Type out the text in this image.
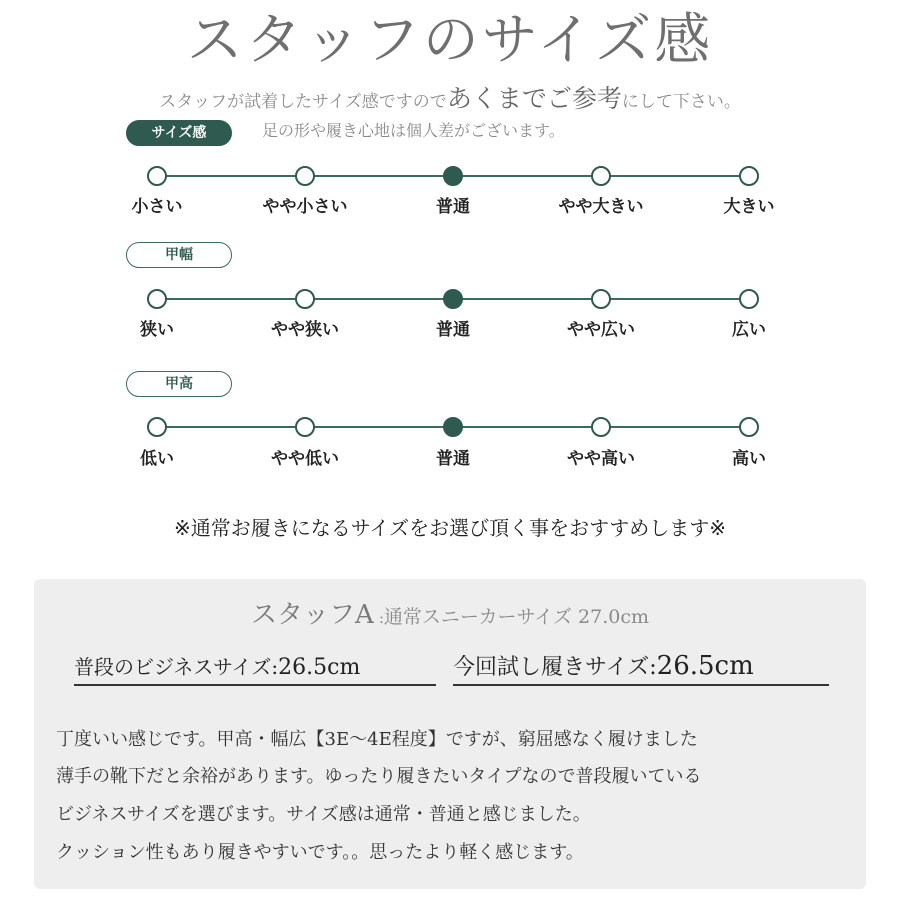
スタッフのサイズ感
スタッフが試着したサイズ感ですのであくまでご参考にして下さい。
足の形や履き心地は個人差がございます。
サイズ感
小さい	やや小さい	普通	やや大きい	大きい
甲幅
狭い	やや狭い	普通	やや広い	広い
甲高
低い	やや低い	普通	やや高い	高い
※通常お履きになるサイズをお選び頂く事をおすすめします※
スタッフA :通常スニーカーサイズ 27.0cm
普段のビジネスサイズ:26.5cm	今回試し履きサイズ:26.5cm
丁度いい感じです。甲高・幅広【3E〜4E程度】ですが、窮屈感なく履けました
薄手の靴下だと余裕があります。ゆったり履きたいタイプなので普段履いている
ビジネスサイズを選びます。サイズ感は通常・普通と感じました。
クッション性もあり履きやすいです。。思ったより軽く感じます。
